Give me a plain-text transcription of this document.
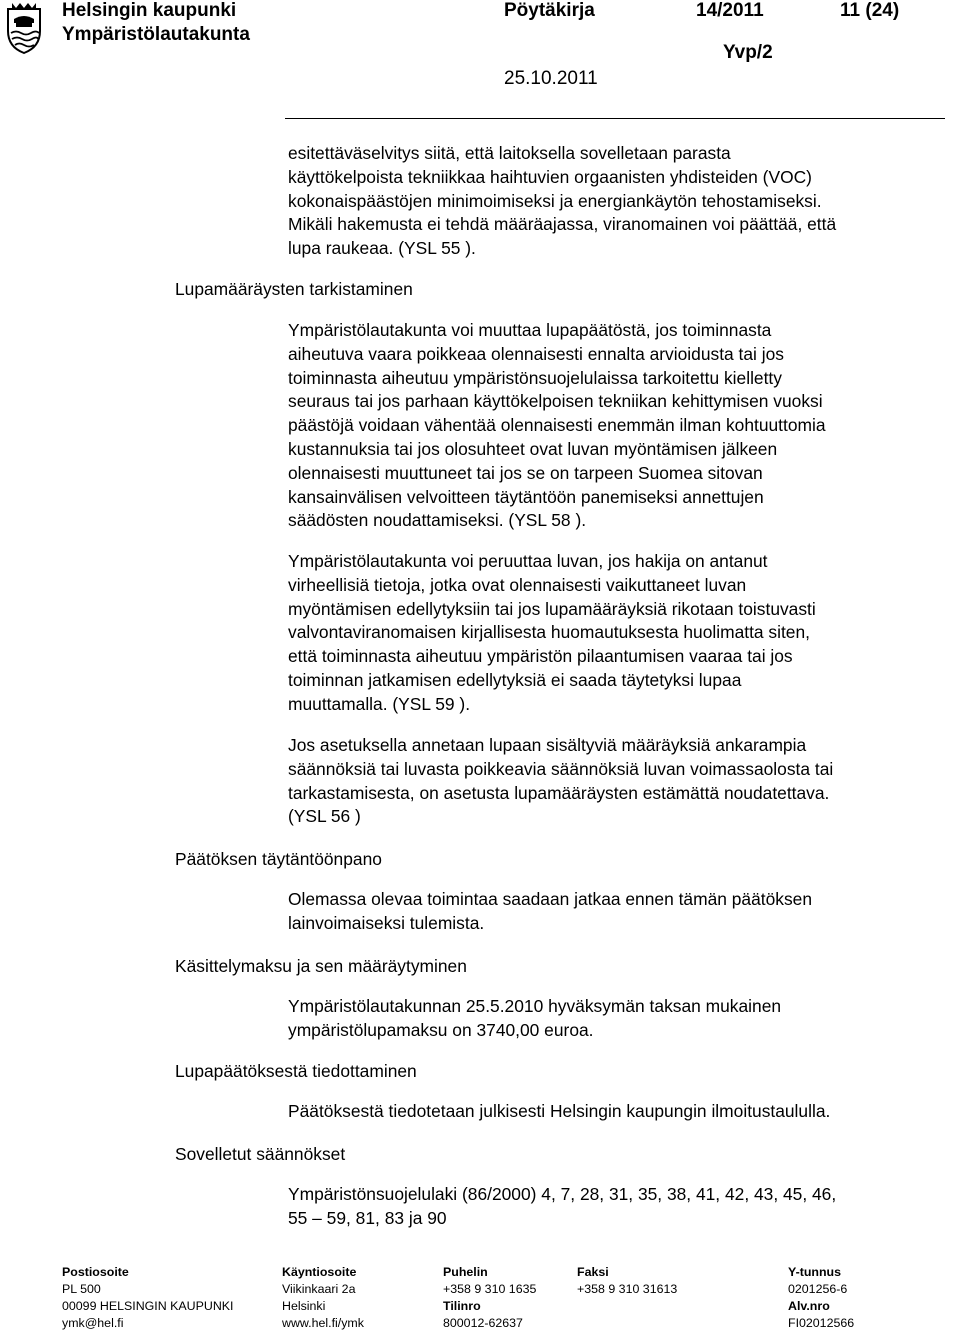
Helsingin kaupunki
Ympäristölautakunta
Pöytäkirja	14/2011	11 (24)
Yvp/2
25.10.2011
esitettäväselvitys siitä, että laitoksella sovelletaan parasta
käyttökelpoista tekniikkaa haihtuvien orgaanisten yhdisteiden (VOC)
kokonaispäästöjen minimoimiseksi ja energiankäytön tehostamiseksi.
Mikäli hakemusta ei tehdä määräajassa, viranomainen voi päättää, että
lupa raukeaa. (YSL 55 ).
Lupamääräysten tarkistaminen
Ympäristölautakunta voi muuttaa lupapäätöstä, jos toiminnasta
aiheutuva vaara poikkeaa olennaisesti ennalta arvioidusta tai jos
toiminnasta aiheutuu ympäristönsuojelulaissa tarkoitettu kielletty
seuraus tai jos parhaan käyttökelpoisen tekniikan kehittymisen vuoksi
päästöjä voidaan vähentää olennaisesti enemmän ilman kohtuuttomia
kustannuksia tai jos olosuhteet ovat luvan myöntämisen jälkeen
olennaisesti muuttuneet tai jos se on tarpeen Suomea sitovan
kansainvälisen velvoitteen täytäntöön panemiseksi annettujen
säädösten noudattamiseksi. (YSL 58 ).
Ympäristölautakunta voi peruuttaa luvan, jos hakija on antanut
virheellisiä tietoja, jotka ovat olennaisesti vaikuttaneet luvan
myöntämisen edellytyksiin tai jos lupamääräyksiä rikotaan toistuvasti
valvontaviranomaisen kirjallisesta huomautuksesta huolimatta siten,
että toiminnasta aiheutuu ympäristön pilaantumisen vaaraa tai jos
toiminnan jatkamisen edellytyksiä ei saada täytetyksi lupaa
muuttamalla. (YSL 59 ).
Jos asetuksella annetaan lupaan sisältyviä määräyksiä ankarampia
säännöksiä tai luvasta poikkeavia säännöksiä luvan voimassaolosta tai
tarkastamisesta, on asetusta lupamääräysten estämättä noudatettava.
(YSL 56 )
Päätöksen täytäntöönpano
Olemassa olevaa toimintaa saadaan jatkaa ennen tämän päätöksen
lainvoimaiseksi tulemista.
Käsittelymaksu ja sen määräytyminen
Ympäristölautakunnan 25.5.2010 hyväksymän taksan mukainen
ympäristölupamaksu on 3740,00 euroa.
Lupapäätöksestä tiedottaminen
Päätöksestä tiedotetaan julkisesti Helsingin kaupungin ilmoitustaululla.
Sovelletut säännökset
Ympäristönsuojelulaki (86/2000) 4, 7, 28, 31, 35, 38, 41, 42, 43, 45, 46,
55 – 59, 81, 83 ja 90
Postiosoite
PL 500
00099 HELSINGIN KAUPUNKI
ymk@hel.fi
Käyntiosoite
Viikinkaari 2a
Helsinki
www.hel.fi/ymk
Puhelin
+358 9 310 1635
Tilinro
800012-62637
Faksi
+358 9 310 31613
Y-tunnus
0201256-6
Alv.nro
FI02012566
